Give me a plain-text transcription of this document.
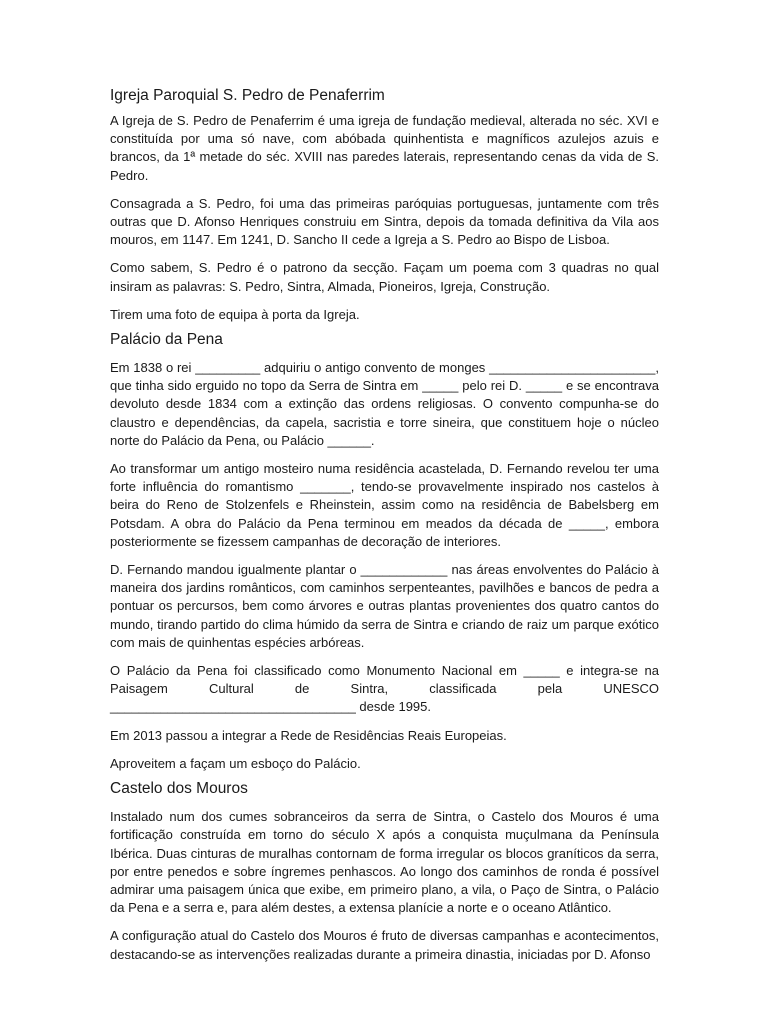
Igreja Paroquial S. Pedro de Penaferrim

A Igreja de S. Pedro de Penaferrim é uma igreja de fundação medieval, alterada no séc. XVI e constituída por uma só nave, com abóbada quinhentista e magníficos azulejos azuis e brancos, da 1ª metade do séc. XVIII nas paredes laterais, representando cenas da vida de S. Pedro.

Consagrada a S. Pedro, foi uma das primeiras paróquias portuguesas, juntamente com três outras que D. Afonso Henriques construiu em Sintra, depois da tomada definitiva da Vila aos mouros, em 1147. Em 1241, D. Sancho II cede a Igreja a S. Pedro ao Bispo de Lisboa.

Como sabem, S. Pedro é o patrono da secção. Façam um poema com 3 quadras no qual insiram as palavras: S. Pedro, Sintra, Almada, Pioneiros, Igreja, Construção.

Tirem uma foto de equipa à porta da Igreja.

Palácio da Pena

Em 1838 o rei _________ adquiriu o antigo convento de monges _______________________, que tinha sido erguido no topo da Serra de Sintra em _____ pelo rei D. _____ e se encontrava devoluto desde 1834 com a extinção das ordens religiosas. O convento compunha-se do claustro e dependências, da capela, sacristia e torre sineira, que constituem hoje o núcleo norte do Palácio da Pena, ou Palácio ______.

Ao transformar um antigo mosteiro numa residência acastelada, D. Fernando revelou ter uma forte influência do romantismo _______, tendo-se provavelmente inspirado nos castelos à beira do Reno de Stolzenfels e Rheinstein, assim como na residência de Babelsberg em Potsdam. A obra do Palácio da Pena terminou em meados da década de _____, embora posteriormente se fizessem campanhas de decoração de interiores.

D. Fernando mandou igualmente plantar o ____________ nas áreas envolventes do Palácio à maneira dos jardins românticos, com caminhos serpenteantes, pavilhões e bancos de pedra a pontuar os percursos, bem como árvores e outras plantas provenientes dos quatro cantos do mundo, tirando partido do clima húmido da serra de Sintra e criando de raiz um parque exótico com mais de quinhentas espécies arbóreas.

O Palácio da Pena foi classificado como Monumento Nacional em _____ e integra-se na Paisagem Cultural de Sintra, classificada pela UNESCO __________________________________ desde 1995.

Em 2013 passou a integrar a Rede de Residências Reais Europeias.

Aproveitem a façam um esboço do Palácio.

Castelo dos Mouros

Instalado num dos cumes sobranceiros da serra de Sintra, o Castelo dos Mouros é uma fortificação construída em torno do século X após a conquista muçulmana da Península Ibérica. Duas cinturas de muralhas contornam de forma irregular os blocos graníticos da serra, por entre penedos e sobre íngremes penhascos. Ao longo dos caminhos de ronda é possível admirar uma paisagem única que exibe, em primeiro plano, a vila, o Paço de Sintra, o Palácio da Pena e a serra e, para além destes, a extensa planície a norte e o oceano Atlântico.

A configuração atual do Castelo dos Mouros é fruto de diversas campanhas e acontecimentos, destacando-se as intervenções realizadas durante a primeira dinastia, iniciadas por D. Afonso
